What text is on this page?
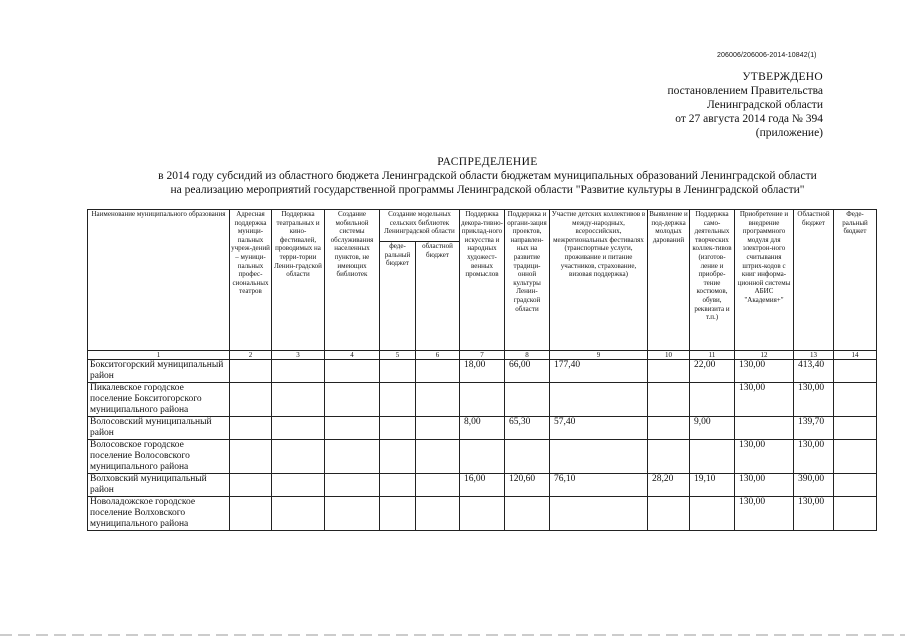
206006/206006-2014-10842(1)
УТВЕРЖДЕНО
постановлением Правительства
Ленинградской области
от 27 августа 2014 года № 394
(приложение)
РАСПРЕДЕЛЕНИЕ
в 2014 году субсидий из областного бюджета Ленинградской области бюджетам муниципальных образований Ленинградской области
на реализацию мероприятий государственной программы Ленинградской области "Развитие культуры в Ленинградской области"
Наименование муниципального образования	Адресная поддержка муници-пальных учреж-дений – муници-пальных профес-сиональных театров	Поддержка театральных и кино-фестивалей, проводимых на терри-тории Ленин-градской области	Создание мобильной системы обслуживания населенных пунктов, не имеющих библиотек	Создание модельных сельских библиотек Ленинградской области		Поддержка декора-тивно-приклад-ного искусства и народных художест-венных промыслов	Поддержка и органи-зация проектов, направлен-ных на развитие традици-онной культуры Ленин-градской области	Участие детских коллективов в между-народных, всероссийских, межрегиональных фестивалях (транспортные услуги, проживание и питание участников, страхование, визовая поддержка)	Выявление и под-держка молодых дарований	Поддержка само-деятельных творческих коллек-тивов (изготов-ление и приобре-тение костюмов, обуви, реквизита и т.п.)	Приобретение и внедрение программного модуля для электрон-ного считывания штрих-кодов с книг информа-ционной системы АБИС "Академия+"	Областной бюджет	Феде-ральный бюджет
				феде-ральный бюджет	областной бюджет								
1	2	3	4	5	6	7	8	9	10	11	12	13	14
Бокситогорский муниципальный район						18,00	66,00	177,40		22,00	130,00	413,40	
Пикалевское городское поселение Бокситогорского муниципального района											130,00	130,00	
Волосовский муниципальный район						8,00	65,30	57,40		9,00		139,70	
Волосовское городское поселение Волосовского муниципального района											130,00	130,00	
Волховский муниципальный район						16,00	120,60	76,10	28,20	19,10	130,00	390,00	
Новоладожское городское поселение Волховского муниципального района											130,00	130,00	
